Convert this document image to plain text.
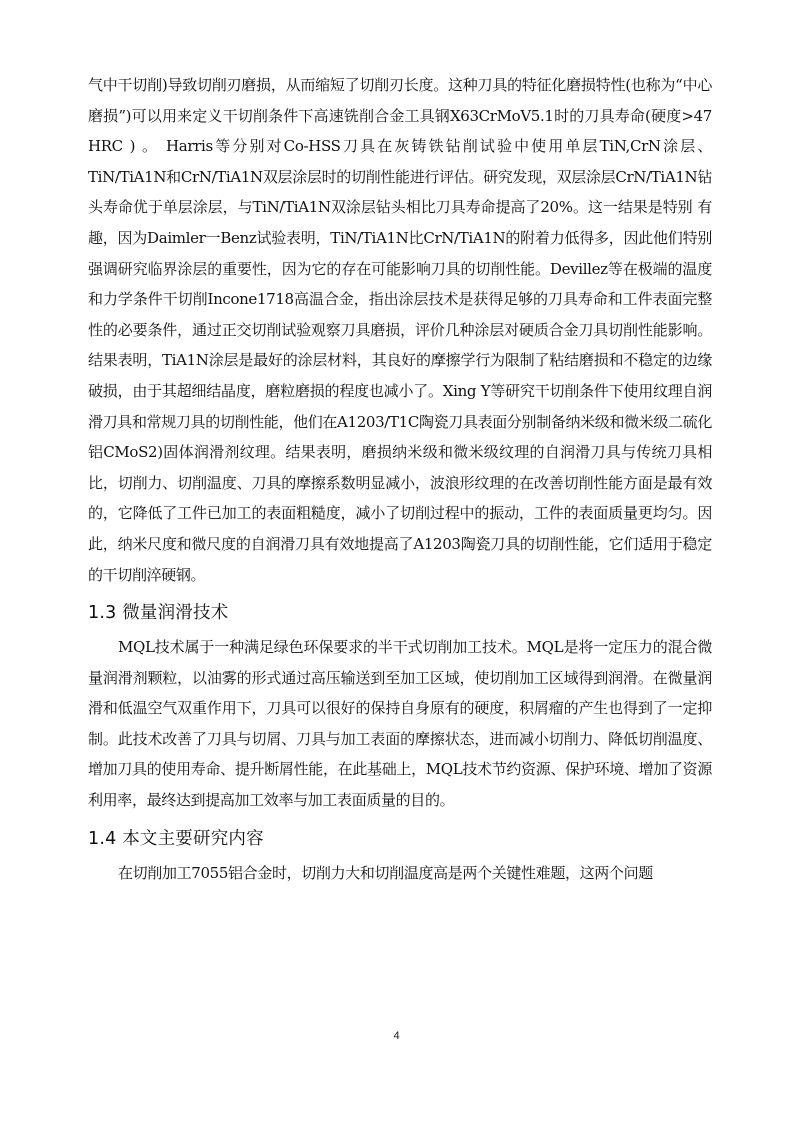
气中干切削)导致切削刃磨损，从而缩短了切削刃长度。这种刀具的特征化磨损特性(也称为“中心磨损”)可以用来定义干切削条件下高速铣削合金工具钢X63CrMoV5.1时的刀具寿命(硬度>47 HRC ) 。 Harris等分别对Co-HSS刀具在灰铸铁钻削试验中使用单层TiN,CrN涂层、TiN/TiA1N和CrN/TiA1N双层涂层时的切削性能进行评估。研究发现，双层涂层CrN/TiA1N钻头寿命优于单层涂层，与TiN/TiA1N双涂层钻头相比刀具寿命提高了20%。这一结果是特别 有趣，因为Daimler一Benz试验表明，TiN/TiA1N比CrN/TiA1N的附着力低得多，因此他们特别强调研究临界涂层的重要性，因为它的存在可能影响刀具的切削性能。Devillez等在极端的温度和力学条件干切削Incone1718高温合金，指出涂层技术是获得足够的刀具寿命和工件表面完整性的必要条件，通过正交切削试验观察刀具磨损，评价几种涂层对硬质合金刀具切削性能影响。结果表明，TiA1N涂层是最好的涂层材料，其良好的摩擦学行为限制了粘结磨损和不稳定的边缘破损，由于其超细结晶度，磨粒磨损的程度也减小了。Xing Y等研究干切削条件下使用纹理自润滑刀具和常规刀具的切削性能，他们在A1203/T1C陶瓷刀具表面分别制备纳米级和微米级二硫化铝CMoS2)固体润滑剂纹理。结果表明，磨损纳米级和微米级纹理的自润滑刀具与传统刀具相比，切削力、切削温度、刀具的摩擦系数明显减小，波浪形纹理的在改善切削性能方面是最有效的，它降低了工件已加工的表面粗糙度，减小了切削过程中的振动，工件的表面质量更均匀。因此，纳米尺度和微尺度的自润滑刀具有效地提高了A1203陶瓷刀具的切削性能，它们适用于稳定的干切削淬硬钢。

1.3 微量润滑技术

MQL技术属于一种满足绿色环保要求的半干式切削加工技术。MQL是将一定压力的混合微量润滑剂颗粒，以油雾的形式通过高压输送到至加工区域，使切削加工区域得到润滑。在微量润滑和低温空气双重作用下，刀具可以很好的保持自身原有的硬度，积屑瘤的产生也得到了一定抑制。此技术改善了刀具与切屑、刀具与加工表面的摩擦状态，进而减小切削力、降低切削温度、增加刀具的使用寿命、提升断屑性能，在此基础上，MQL技术节约资源、保护环境、增加了资源利用率，最终达到提高加工效率与加工表面质量的目的。

1.4 本文主要研究内容

在切削加工7055铝合金时，切削力大和切削温度高是两个关键性难题，这两个问题

4
